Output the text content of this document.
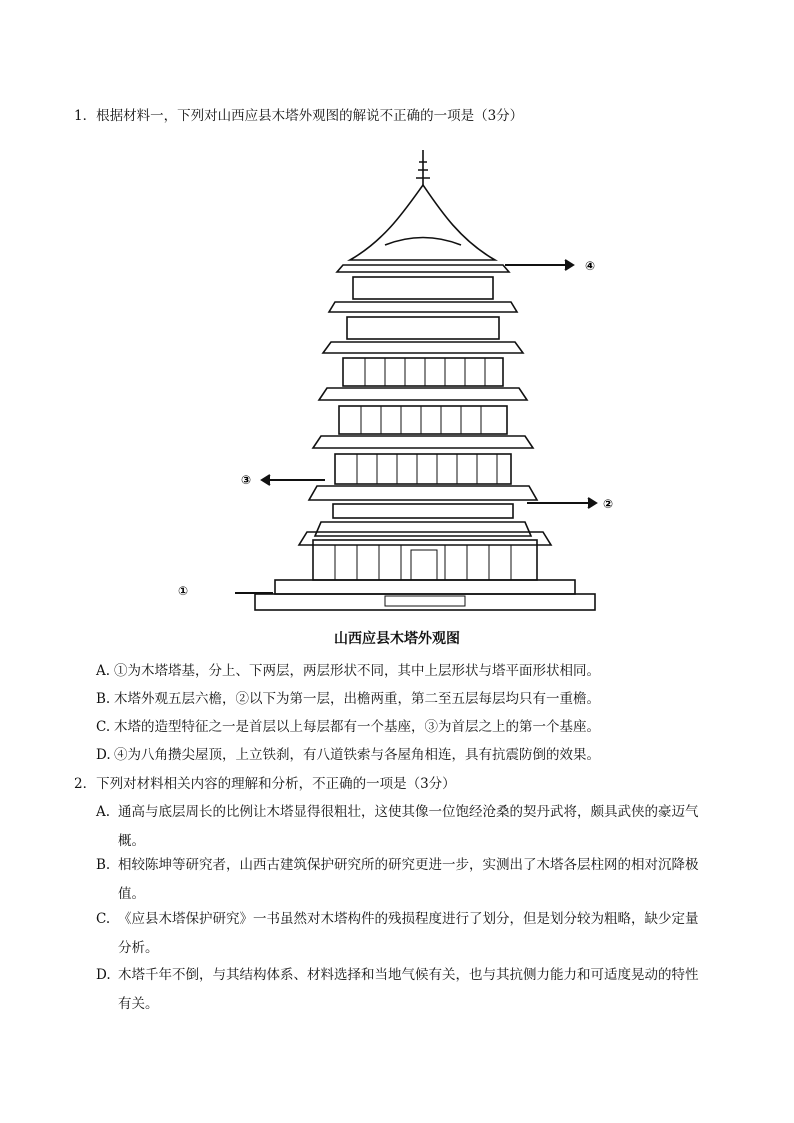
1．根据材料一，下列对山西应县木塔外观图的解说不正确的一项是（3分）
④
③
②
①
山西应县木塔外观图
A. ①为木塔塔基，分上、下两层，两层形状不同，其中上层形状与塔平面形状相同。
B. 木塔外观五层六檐，②以下为第一层，出檐两重，第二至五层每层均只有一重檐。
C. 木塔的造型特征之一是首层以上每层都有一个基座，③为首层之上的第一个基座。
D. ④为八角攒尖屋顶，上立铁刹，有八道铁索与各屋角相连，具有抗震防倒的效果。
2．下列对材料相关内容的理解和分析，不正确的一项是（3分）
A. 通高与底层周长的比例让木塔显得很粗壮，这使其像一位饱经沧桑的契丹武将，颇具武侠的豪迈气
概。
B. 相较陈坤等研究者，山西古建筑保护研究所的研究更进一步，实测出了木塔各层柱网的相对沉降极
值。
C. 《应县木塔保护研究》一书虽然对木塔构件的残损程度进行了划分，但是划分较为粗略，缺少定量
分析。
D. 木塔千年不倒，与其结构体系、材料选择和当地气候有关，也与其抗侧力能力和可适度晃动的特性
有关。
